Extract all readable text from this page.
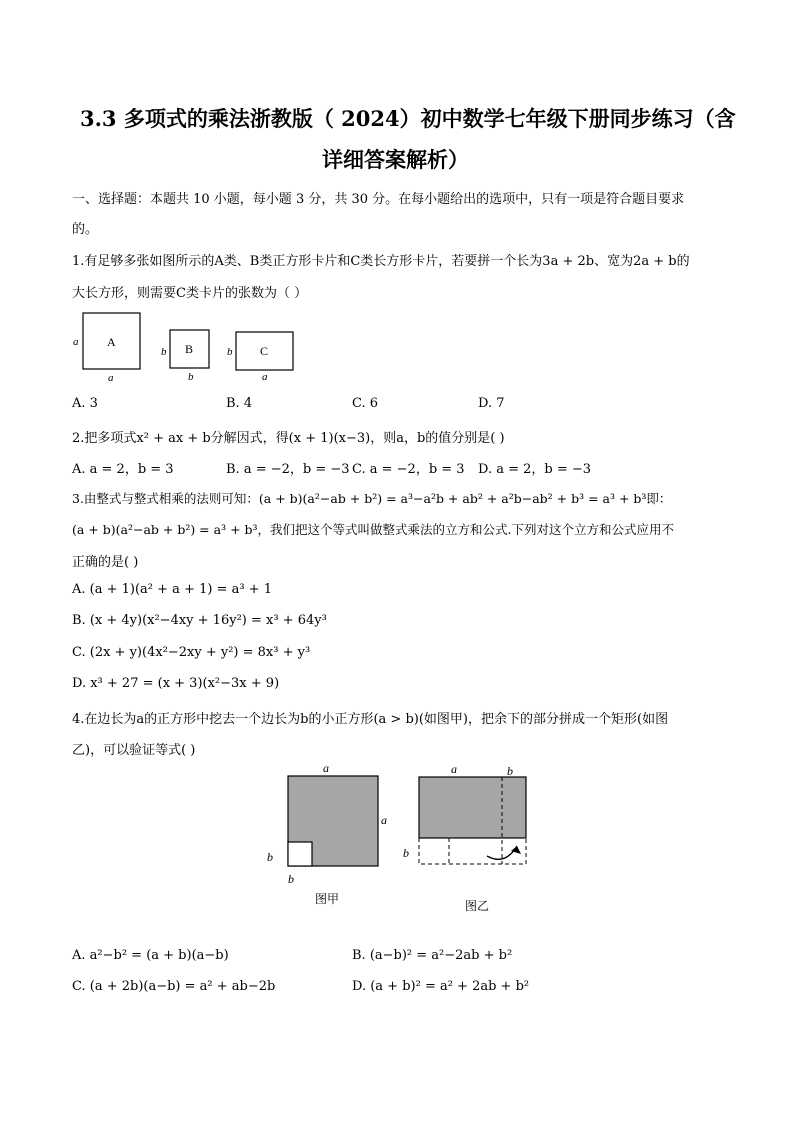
3.3 多项式的乘法浙教版（ 2024）初中数学七年级下册同步练习（含
详细答案解析）
一、选择题：本题共 10 小题，每小题 3 分，共 30 分。在每小题给出的选项中，只有一项是符合题目要求
的。
1.有足够多张如图所示的A类、B类正方形卡片和C类长方形卡片，若要拼一个长为3a + 2b、宽为2a + b的
大长方形，则需要C类卡片的张数为（ ）
A
a
a
B
b
b
C
b
a
A. 3	B. 4	C. 6	D. 7
2.把多项式x² + ax + b分解因式，得(x + 1)(x−3)，则a，b的值分别是( )
A. a = 2，b = 3	B. a = −2，b = −3 C. a = −2，b = 3 D. a = 2，b = −3
3.由整式与整式相乘的法则可知：(a + b)(a²−ab + b²) = a³−a²b + ab² + a²b−ab² + b³ = a³ + b³即：
(a + b)(a²−ab + b²) = a³ + b³，我们把这个等式叫做整式乘法的立方和公式.下列对这个立方和公式应用不
正确的是( )
A. (a + 1)(a² + a + 1) = a³ + 1
B. (x + 4y)(x²−4xy + 16y²) = x³ + 64y³
C. (2x + y)(4x²−2xy + y²) = 8x³ + y³
D. x³ + 27 = (x + 3)(x²−3x + 9)
4.在边长为a的正方形中挖去一个边长为b的小正方形(a > b)(如图甲)，把余下的部分拼成一个矩形(如图
乙)，可以验证等式( )
a
a
b
b
图甲
a	b
b
图乙
A. a²−b² = (a + b)(a−b)	B. (a−b)² = a²−2ab + b²
C. (a + 2b)(a−b) = a² + ab−2b	D. (a + b)² = a² + 2ab + b²
